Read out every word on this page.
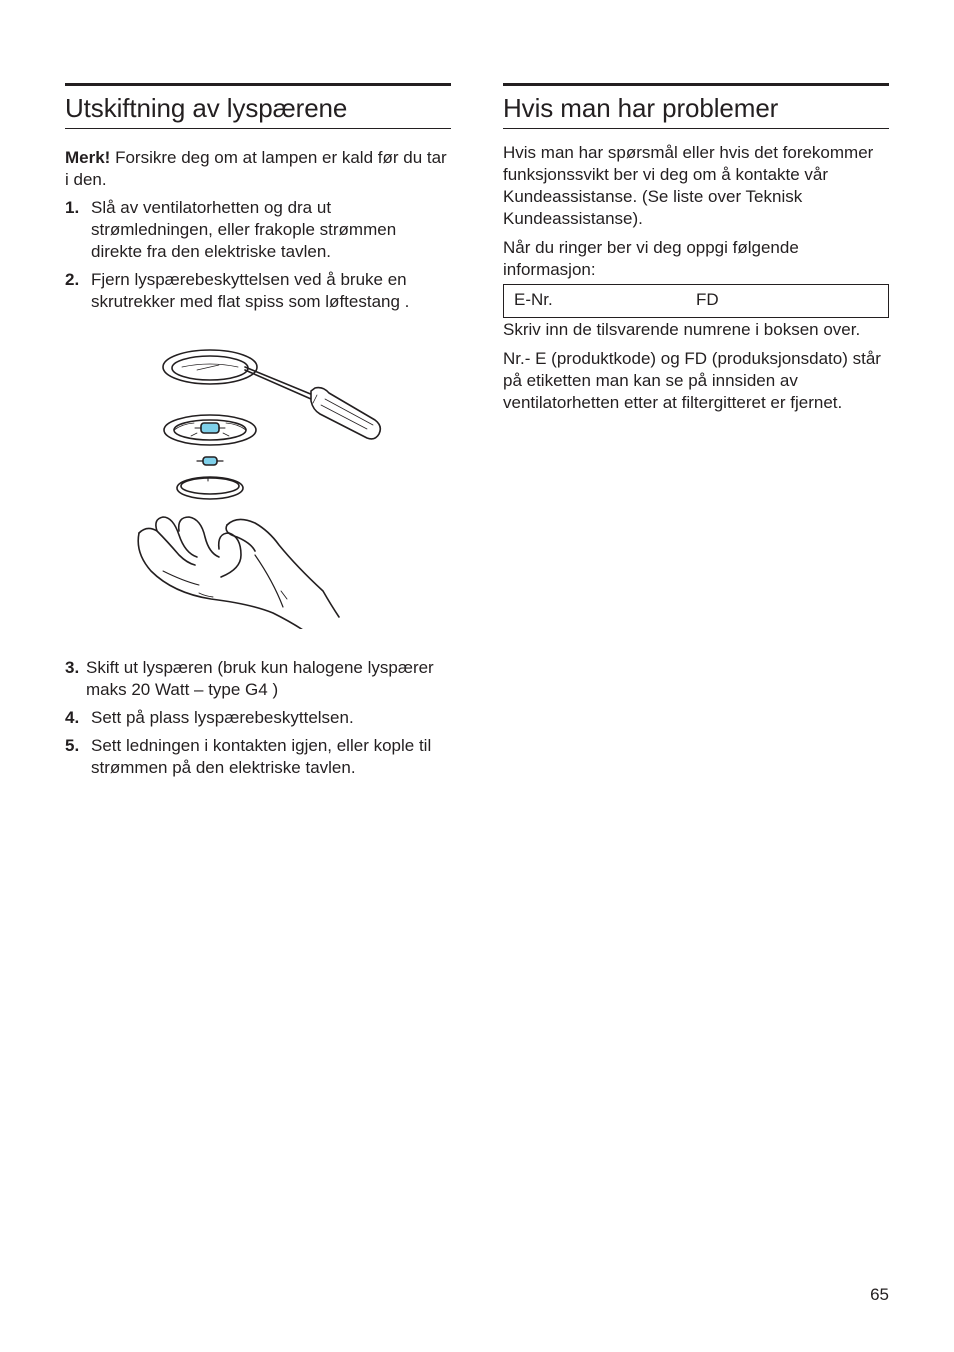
Utskiftning av lyspærene

Merk! Forsikre deg om at lampen er kald før du tar i den.

1. Slå av ventilatorhetten og dra ut strømledningen, eller frakople strømmen direkte fra den elektriske tavlen.
2. Fjern lyspærebeskyttelsen ved å bruke en skrutrekker med flat spiss som løftestang .
3. Skift ut lyspæren (bruk kun halogene lyspærer maks 20 Watt – type G4 )
4. Sett på plass lyspærebeskyttelsen.
5. Sett ledningen i kontakten igjen, eller kople til strømmen på den elektriske tavlen.
Hvis man har problemer

Hvis man har spørsmål eller hvis det forekommer funksjonssvikt ber vi deg om å kontakte vår Kundeassistanse. (Se liste over Teknisk Kundeassistanse).

Når du ringer ber vi deg oppgi følgende informasjon:

E-Nr.	FD

Skriv inn de tilsvarende numrene i boksen over.

Nr.- E (produktkode) og FD (produksjonsdato) står på etiketten man kan se på innsiden av ventilatorhetten etter at filtergitteret er fjernet.

65
